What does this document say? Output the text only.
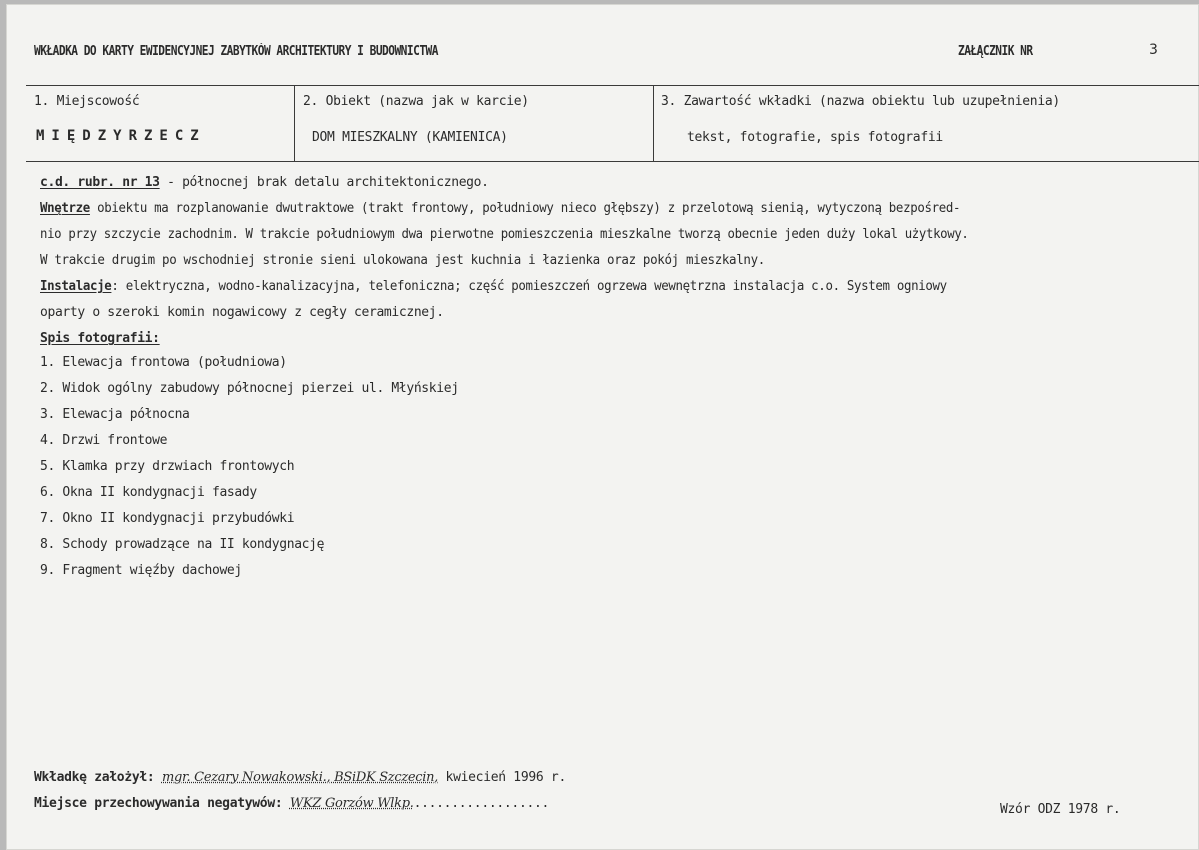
WKŁADKA DO KARTY EWIDENCYJNEJ ZABYTKÓW ARCHITEKTURY I BUDOWNICTWA	ZAŁĄCZNIK NR	3
1. Miejscowość
MIĘDZYRZECZ
2. Obiekt (nazwa jak w karcie)
DOM MIESZKALNY (KAMIENICA)
3. Zawartość wkładki (nazwa obiektu lub uzupełnienia)
tekst, fotografie, spis fotografii
c.d. rubr. nr 13 - północnej brak detalu architektonicznego.
Wnętrze obiektu ma rozplanowanie dwutraktowe (trakt frontowy, południowy nieco głębszy) z przelotową sienią, wytyczoną bezpośred-
nio przy szczycie zachodnim. W trakcie południowym dwa pierwotne pomieszczenia mieszkalne tworzą obecnie jeden duży lokal użytkowy.
W trakcie drugim po wschodniej stronie sieni ulokowana jest kuchnia i łazienka oraz pokój mieszkalny.
Instalacje: elektryczna, wodno-kanalizacyjna, telefoniczna; część pomieszczeń ogrzewa wewnętrzna instalacja c.o. System ogniowy
oparty o szeroki komin nogawicowy z cegły ceramicznej.
Spis fotografii:
1. Elewacja frontowa (południowa)
2. Widok ogólny zabudowy północnej pierzei ul. Młyńskiej
3. Elewacja północna
4. Drzwi frontowe
5. Klamka przy drzwiach frontowych
6. Okna II kondygnacji fasady
7. Okno II kondygnacji przybudówki
8. Schody prowadzące na II kondygnację
9. Fragment więźby dachowej
Wkładkę założył: mgr. Cezary Nowakowski., BSiDK Szczecin, kwiecień 1996 r.
Miejsce przechowywania negatywów: WKZ Gorzów Wlkp...................	Wzór ODZ 1978 r.
